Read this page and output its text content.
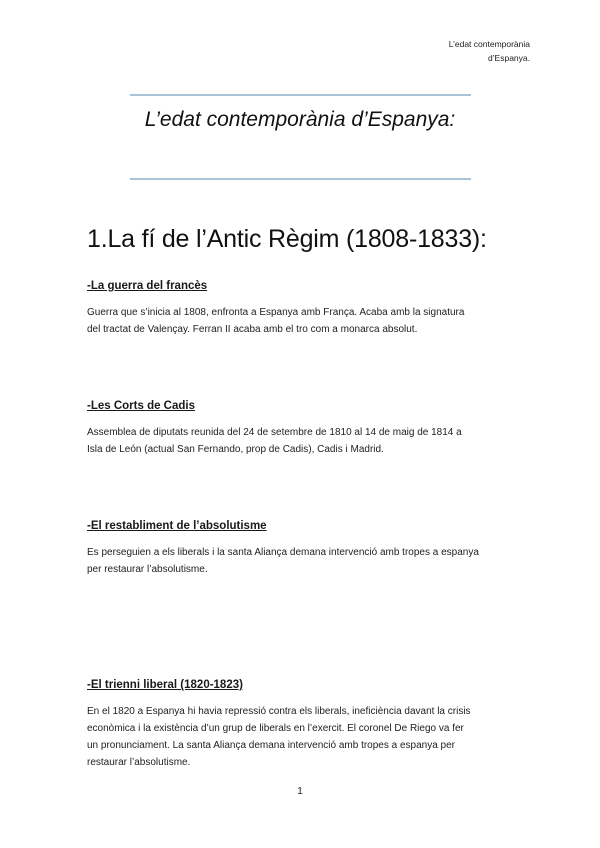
L’edat contemporània
d’Espanya.
L’edat contemporània d’Espanya:
1.La fí de l’Antic Règim (1808-1833):

-La guerra del francès

Guerra que s’inicia al 1808, enfronta a Espanya amb França. Acaba amb la signatura
del tractat de Valençay. Ferran II acaba amb el tro com a monarca absolut.

-Les Corts de Cadis

Assemblea de diputats reunida del 24 de setembre de 1810 al 14 de maig de 1814 a
Isla de León (actual San Fernando, prop de Cadis), Cadis i Madrid.

-El restabliment de l’absolutisme

Es perseguien a els liberals i la santa Aliança demana intervenció amb tropes a espanya
per restaurar l’absolutisme.

-El trienni liberal (1820-1823)

En el 1820 a Espanya hi havia repressió contra els liberals, ineficiència davant la crisis
econòmica i la existència d’un grup de liberals en l’exercit. El coronel De Riego va fer
un pronunciament. La santa Aliança demana intervenció amb tropes a espanya per
restaurar l’absolutisme.

1
